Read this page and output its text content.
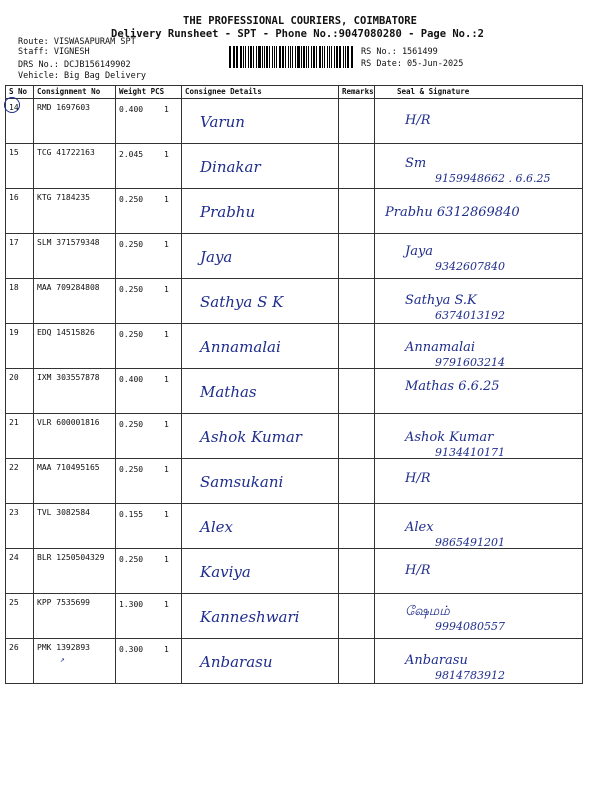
THE PROFESSIONAL COURIERS, COIMBATORE
Delivery Runsheet - SPT - Phone No.:9047080280 - Page No.:2
Route: VISWASAPURAM SPT
Staff: VIGNESH
DRS No.: DCJB156149902
Vehicle: Big Bag Delivery
RS No.: 1561499
RS Date: 05-Jun-2025
S No	Consignment No	Weight PCS	Consignee Details	Remarks	Seal & Signature

14	RMD 1697603	0.400 1	Varun		H/R

15	TCG 41722163	2.045 1	Dinakar		Sm
9159948662 . 6.6.25

16	KTG 7184235	0.250 1	Prabhu		Prabhu 6312869840

17	SLM 371579348	0.250 1	Jaya		Jaya
9342607840

18	MAA 709284808	0.250 1	Sathya S K		Sathya S.K
6374013192

19	EDQ 14515826	0.250 1	Annamalai		Annamalai
9791603214

20	IXM 303557878	0.400 1	Mathas		Mathas 6.6.25

21	VLR 600001816	0.250 1	Ashok Kumar		Ashok Kumar
9134410171

22	MAA 710495165	0.250 1	Samsukani		H/R

23	TVL 3082584	0.155 1	Alex		Alex
9865491201

24	BLR 1250504329	0.250 1	Kaviya		H/R

25	KPP 7535699	1.300 1	Kanneshwari		ஷேமம்
9994080557

26	PMK 1392893	0.300 1	Anbarasu		Anbarasu
9814783912
↗
